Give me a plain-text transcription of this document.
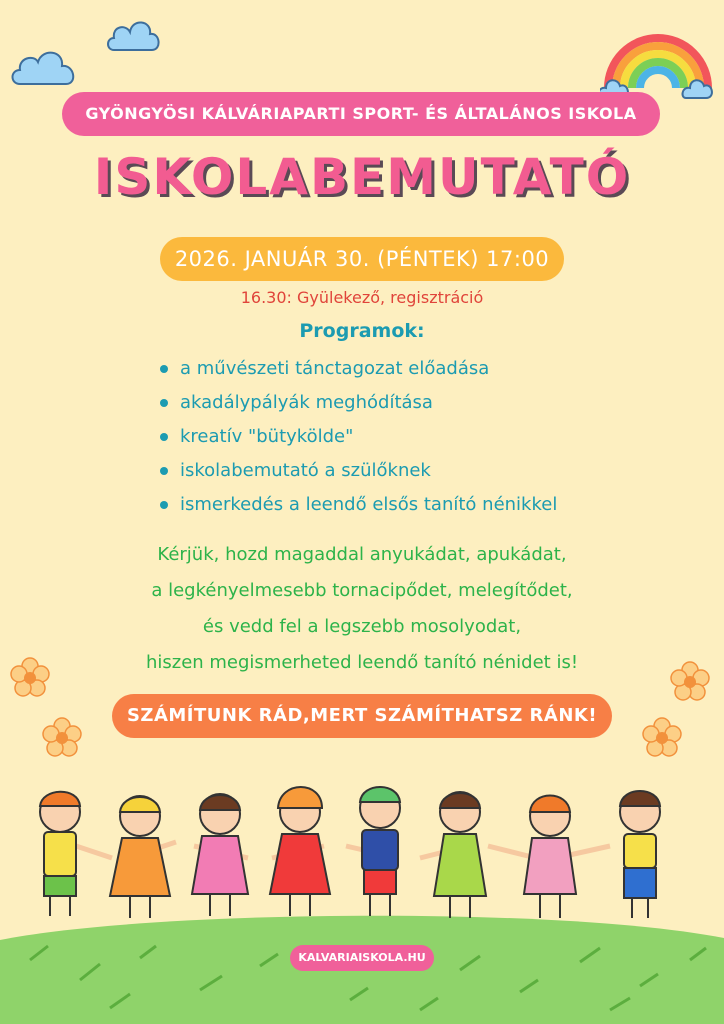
GYÖNGYÖSI KÁLVÁRIAPARTI SPORT- ÉS ÁLTALÁNOS ISKOLA
ISKOLABEMUTATÓ
2026. JANUÁR 30. (PÉNTEK) 17:00
16.30: Gyülekező, regisztráció
Programok:
a művészeti tánctagozat előadása
akadálypályák meghódítása
kreatív "bütykölde"
iskolabemutató a szülőknek
ismerkedés a leendő elsős tanító nénikkel
Kérjük, hozd magaddal anyukádat, apukádat,
a legkényelmesebb tornacipődet, melegítődet,
és vedd fel a legszebb mosolyodat,
hiszen megismerheted leendő tanító nénidet is!
SZÁMÍTUNK RÁD,MERT SZÁMÍTHATSZ RÁNK!
KALVARIAISKOLA.HU
